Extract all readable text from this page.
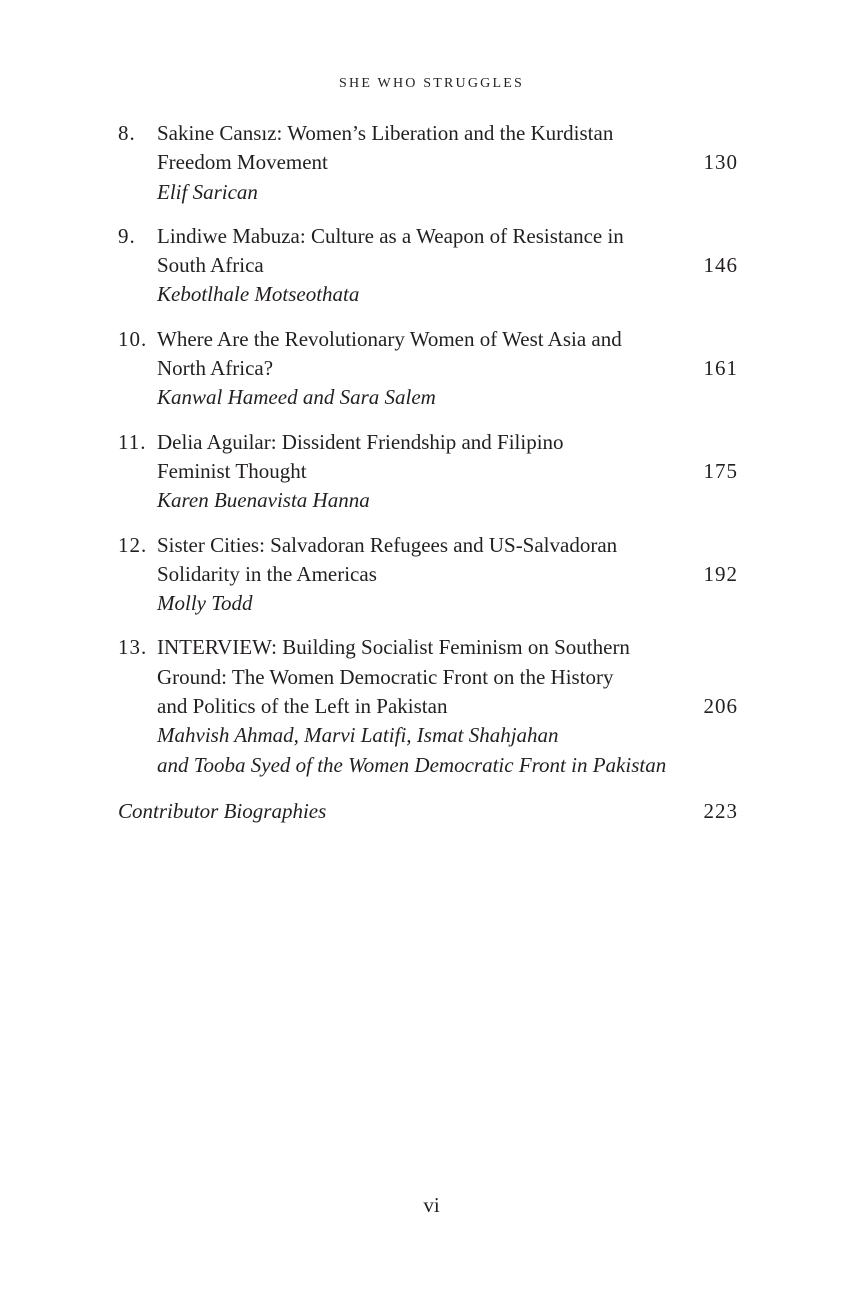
SHE WHO STRUGGLES
8. Sakine Cansız: Women’s Liberation and the Kurdistan
Freedom Movement
Elif Sarican
130
9. Lindiwe Mabuza: Culture as a Weapon of Resistance in
South Africa
Kebotlhale Motseothata
146
10. Where Are the Revolutionary Women of West Asia and
North Africa?
Kanwal Hameed and Sara Salem
161
11. Delia Aguilar: Dissident Friendship and Filipino
Feminist Thought
Karen Buenavista Hanna
175
12. Sister Cities: Salvadoran Refugees and US-Salvadoran
Solidarity in the Americas
Molly Todd
192
13. INTERVIEW: Building Socialist Feminism on Southern
Ground: The Women Democratic Front on the History
and Politics of the Left in Pakistan
Mahvish Ahmad, Marvi Latifi, Ismat Shahjahan
and Tooba Syed of the Women Democratic Front in Pakistan
206
Contributor Biographies	223
vi
